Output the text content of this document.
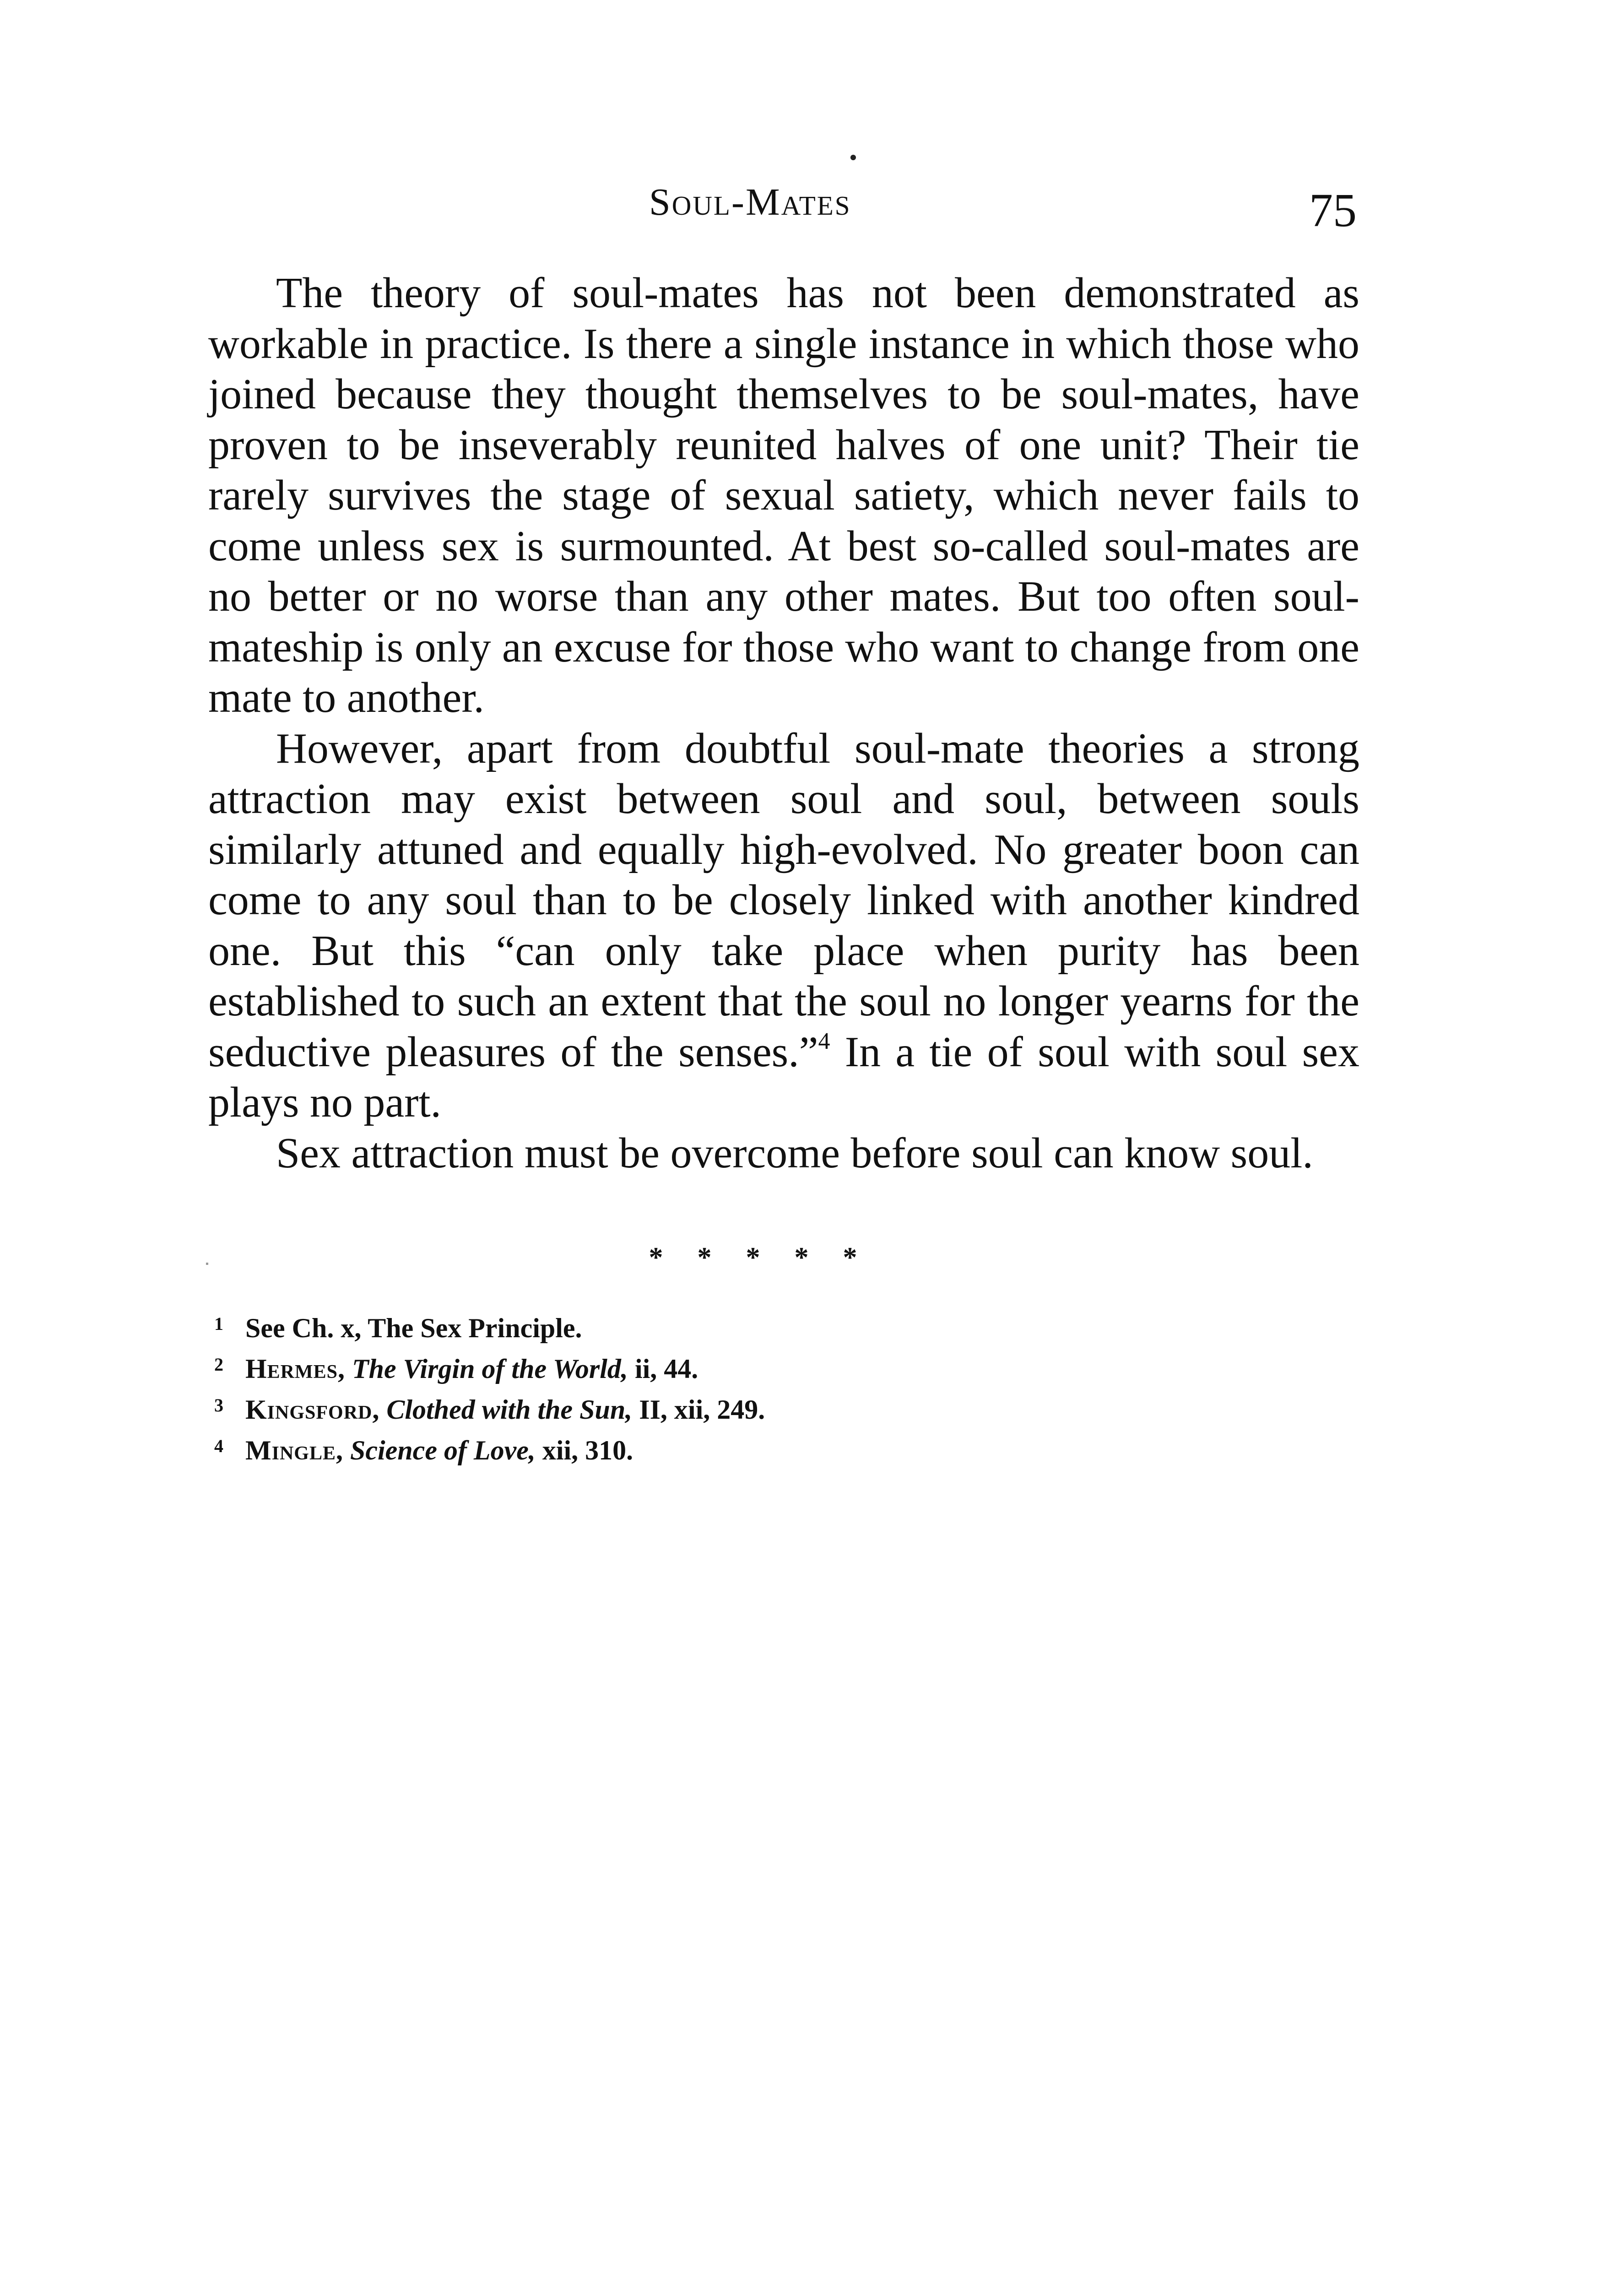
Soul-Mates	75

The theory of soul-mates has not been demonstrated as workable in practice. Is there a single instance in which those who joined because they thought themselves to be soul-mates, have proven to be inseverably reunited halves of one unit? Their tie rarely survives the stage of sexual satiety, which never fails to come unless sex is surmounted. At best so-called soul-mates are no better or no worse than any other mates. But too often soul-mateship is only an excuse for those who want to change from one mate to another.

However, apart from doubtful soul-mate theories a strong attraction may exist between soul and soul, between souls similarly attuned and equally high-evolved. No greater boon can come to any soul than to be closely linked with another kindred one. But this “can only take place when purity has been established to such an extent that the soul no longer yearns for the seductive pleasures of the senses.”$^4$ In a tie of soul with soul sex plays no part.

Sex attraction must be overcome before soul can know soul.

* * * * *

1 See Ch. x, The Sex Principle.

2 Hermes, The Virgin of the World, ii, 44.

3 Kingsford, Clothed with the Sun, II, xii, 249.

4 Mingle, Science of Love, xii, 310.
